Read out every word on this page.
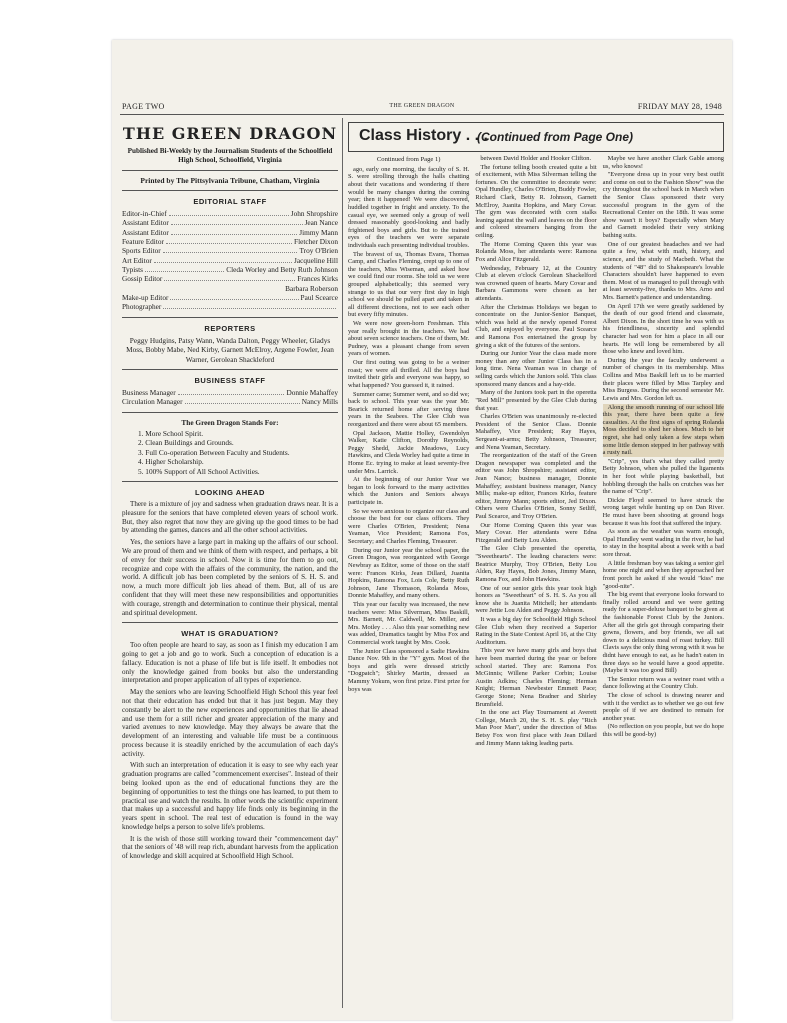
PAGE TWO	THE GREEN DRAGON	FRIDAY MAY 28, 1948
THE GREEN DRAGON
Published Bi-Weekly by the Journalism Students of the Schoolfield High School, Schoolfield, Virginia
Printed by The Pittsylvania Tribune, Chatham, Virginia
EDITORIAL STAFF
Editor-in-Chief	John Shropshire
Assistant Editor	Jean Nance
Assistant Editor	Jimmy Mann
Feature Editor	Fletcher Dixon
Sports Editor	Troy O'Brien
Art Editor	Jacqueline Hill
Typists	Cleda Worley and Betty Ruth Johnson
Gossip Editor	Frances Kirks
Barbara Roberson
Make-up Editor	Paul Scearce
Photographer
REPORTERS
Peggy Hudgins, Patsy Wann, Wanda Dalton, Peggy Wheeler, Gladys Moss, Bobby Mabe, Ned Kirby, Garnett McElroy, Argene Fowler, Jean Warner, Gerolean Shackleford
BUSINESS STAFF
Business Manager	Donnie Mahaffey
Circulation Manager	Nancy Mills
The Green Dragon Stands For:
1. More School Spirit.
2. Clean Buildings and Grounds.
3. Full Co-operation Between Faculty and Students.
4. Higher Scholarship.
5. 100% Support of All School Activities.
LOOKING AHEAD

There is a mixture of joy and sadness when graduation draws near. It is a pleasure for the seniors that have completed eleven years of school work. But, they also regret that now they are giving up the good times to be had by attending the games, dances and all the other school activities.

Yes, the seniors have a large part in making up the affairs of our school. We are proud of them and we think of them with respect, and perhaps, a bit of envy for their success in school. Now it is time for them to go out, recognize and cope with the affairs of the community, the nation, and the world. A difficult job has been completed by the seniors of S. H. S. and now, a much more difficult job lies ahead of them. But, all of us are confident that they will meet these new responsibilities and opportunities with courage, strength and determination to continue their physical, mental and spiritual development.

WHAT IS GRADUATION?

Too often people are heard to say, as soon as I finish my education I am going to get a job and go to work. Such a conception of education is a fallacy. Education is not a phase of life but is life itself. It embodies not only the knowledge gained from books but also the understanding interpretation and proper application of all types of experience.

May the seniors who are leaving Schoolfield High School this year feel not that their education has ended but that it has just begun. May they constantly be alert to the new experiences and opportunities that lie ahead and use them for a still richer and greater appreciation of the many and varied avenues to new knowledge. May they always be aware that the development of an interesting and valuable life must be a continuous process because it is steadily enriched by the accumulation of each day's activity.

With such an interpretation of education it is easy to see why each year graduation programs are called "commencement exercises". Instead of their being looked upon as the end of educational functions they are the beginning of opportunities to test the things one has learned, to put them to practical use and watch the results. In other words the scientific experiment that makes up a successful and happy life finds only its beginning in the years spent in school. The real test of education is found in the way knowledge helps a person to solve life's problems.

It is the wish of those still working toward their "commencement day" that the seniors of '48 will reap rich, abundant harvests from the application of knowledge and skill acquired at Schoolfield High School.

Class History . . .
(Continued from Page One)
Continued from Page 1)

ago, early one morning, the faculty of S. H. S. were strolling through the halls chatting about their vacations and wondering if there would be many changes during the coming year; then it happened! We were discovered, huddled together in fright and anxiety. To the casual eye, we seemed only a group of well dressed reasonably good-looking and badly frightened boys and girls. But to the trained eyes of the teachers we were separate individuals each presenting individual troubles.

The bravest of us, Thomas Evans, Thomas Camp, and Charles Fleming, crept up to one of the teachers, Miss Wiseman, and asked how we could find our rooms. She told us we were grouped alphabetically; this seemed very strange to us that our very first day in high school we should be pulled apart and taken in all different directions, not to see each other but every fifty minutes.

We were now green-horn Freshman. This year really brought in the teachers. We had about seven science teachers. One of them, Mr. Pudney, was a pleasant change from seven years of women.

Our first outing was going to be a weiner roast; we were all thrilled. All the boys had invited their girls and everyone was happy, so what happened? You guessed it, it rained.

Summer came; Summer went, and so did we; back to school. This year was the year Mr. Bearick returned home after serving three years in the Seabees. The Glee Club was reorganized and there were about 65 members.

Opal Jackson, Mattie Holley, Gwendolyn Walker, Katie Clifton, Dorothy Reynolds, Peggy Shedd, Jackie Meadows, Lucy Hawkins, and Cleda Worley had quite a time in Home Ec. trying to make at least seventy-five under Mrs. Larrick.

At the beginning of our Junior Year we began to look forward to the many activities which the Juniors and Seniors always participate in.

So we were anxious to organize our class and choose the best for our class officers. They were Charles O'Brien, President; Nena Yeaman, Vice President; Ramona Fox, Secretary; and Charles Fleming, Treasurer.

During our Junior year the school paper, the Green Dragon, was reorganized with George Newbray as Editor, some of those on the staff were: Frances Kirks, Jean Dillard, Juanita Hopkins, Ramona Fox, Lois Cole, Betty Ruth Johnson, Jane Thomason, Rolanda Moss, Donnie Mahaffey, and many others.

This year our faculty was increased, the new teachers were: Miss Silverman, Miss Baskill, Mrs. Barnett, Mr. Caldwell, Mr. Miller, and Mrs. Motley . . . Also this year something new was added, Dramatics taught by Miss Fox and Commercial work taught by Mrs. Cook.

The Junior Class sponsored a Sadie Hawkins Dance Nov. 9th in the "Y" gym. Most of the boys and girls were dressed strictly "Dogpatch"; Shirley Martin, dressed as Mammy Yokum, won first prize. First prize for boys was

between David Holder and Hooker Clifton.

The fortune telling booth created quite a bit of excitement, with Miss Silverman telling the fortunes. On the committee to decorate were: Opal Hundley, Charles O'Brien, Buddy Fowler, Richard Clark, Betty R. Johnson, Garnett McElroy, Juanita Hopkins, and Mary Covar. The gym was decorated with corn stalks leaning against the wall and leaves on the floor and colored streamers hanging from the ceiling.

The Home Coming Queen this year was Rolanda Moss, her attendants were: Ramona Fox and Alice Fitzgerald.

Wednesday, February 12, at the Country Club at eleven o'clock Gerolean Shackelford was crowned queen of hearts. Mary Covar and Barbara Gammons were chosen as her attendants.

After the Christmas Holidays we began to concentrate on the Junior-Senior Banquet, which was held at the newly opened Forest Club, and enjoyed by everyone. Paul Scearce and Ramona Fox entertained the group by giving a skit of the futures of the seniors.

During our Junior Year the class made more money than any other Junior Class has in a long time. Nena Yeaman was in charge of selling cards which the Juniors sold. This class sponsored many dances and a hay-ride.

Many of the Juniors took part in the operetta "Red Mill" presented by the Glee Club during that year.

Charles O'Brien was unanimously re-elected President of the Senior Class. Donnie Mahaffey, Vice President; Ray Hayes, Sergeant-at-arms; Betty Johnson, Treasurer; and Nena Yeaman, Secretary.

The reorganization of the staff of the Green Dragon newspaper was completed and the editor was John Shropshire; assistant editor, Jean Nance; business manager, Donnie Mahaffey; assistant business manager, Nancy Mills; make-up editor, Frances Kirks, feature editor, Jimmy Mann; sports editor, Jed Dixon. Others were Charles O'Brien, Sonny Setliff, Paul Scearce, and Troy O'Brien.

Our Home Coming Queen this year was Mary Covar. Her attendants were Edna Fitzgerald and Betty Lou Alden.

The Glee Club presented the operetta, "Sweethearts". The leading characters were: Beatrice Murphy, Troy O'Brien, Betty Lou Alden, Ray Hayes, Bob Jones, Jimmy Mann, Ramona Fox, and John Hawkins.

One of our senior girls this year took high honors as "Sweetheart" of S. H. S. As you all know she is Juanita Mitchell; her attendants were Jettie Lou Alden and Peggy Johnson.

It was a big day for Schoolfield High School Glee Club when they received a Superior Rating in the State Contest April 16, at the City Auditorium.

This year we have many girls and boys that have been married during the year or before school started. They are: Ramona Fox McGinnis; Willene Parker Corbin; Louise Austin Adkins; Charles Fleming; Herman Knight; Herman Newbester Emmett Pace; George Stone; Nena Bradner and Shirley Brumfield.

In the one act Play Tournament at Averett College, March 20, the S. H. S. play "Rich Man Poor Man", under the direction of Miss Betsy Fox won first place with Jean Dillard and Jimmy Mann taking leading parts.

Maybe we have another Clark Gable among us, who knows!

"Everyone dress up in your very best outfit and come on out to the Fashion Show" was the cry throughout the school back in March when the Senior Class sponsored their very successful program in the gym of the Recreational Center on the 18th. It was some show wasn't it boys? Especially when Mary and Garnett modeled their very striking bathing suits.

One of our greatest headaches and we had quite a few, what with math, history, and science, and the study of Macbeth. What the students of "48" did to Shakespeare's lovable Characters shouldn't have happened to even them. Most of us managed to pull through with at least seventy-five, thanks to Mrs. Arno and Mrs. Barnett's patience and understanding.

On April 17th we were greatly saddened by the death of our good friend and classmate, Albert Dixon. In the short time he was with us his friendliness, sincerity and splendid character had won for him a place in all our hearts. He will long be remembered by all those who knew and loved him.

During the year the faculty underwent a number of changes in its membership. Miss Collins and Miss Baskill left us to be married their places were filled by Miss Tarpley and Miss Burgess. During the second semester Mr. Lewis and Mrs. Gordon left us.

Along the smooth running of our school life this year, there have been quite a few casualties. At the first signs of spring Rolanda Moss decided to shed her shoes. Much to her regret, she had only taken a few steps when some little demon stepped in her pathway with a rusty nail.

"Crip", yes that's what they called pretty Betty Johnson, when she pulled the ligaments in her foot while playing basketball, but hobbling through the halls on crutches was her the name of "Crip".

Dickie Floyd seemed to have struck the wrong target while hunting up on Dan River. He must have been shooting at ground hogs because it was his foot that suffered the injury.

As soon as the weather was warm enough, Opal Hundley went wading in the river, he had to stay in the hospital about a week with a bad sore throat.

A little freshman boy was taking a senior girl home one night and when they approached her front porch he asked if she would "kiss" me "good-nite".

The big event that everyone looks forward to finally rolled around and we were getting ready for a super-deluxe banquet to be given at the fashionable Forest Club by the Juniors. After all the girls got through comparing their gowns, flowers, and boy friends, we all sat down to a delicious meal of roast turkey. Bill Clavis says the only thing wrong with it was he didnt have enough to eat, as he hadn't eaten in three days so he would have a good appetite. (Maybe it was too good Bill)

The Senior return was a weiner roast with a dance following at the Country Club.

The close of school is drawing nearer and with it the verdict as to whether we go out few people of if we are destined to remain for another year.

(No reflection on you people, but we do hope this will be good-by)
